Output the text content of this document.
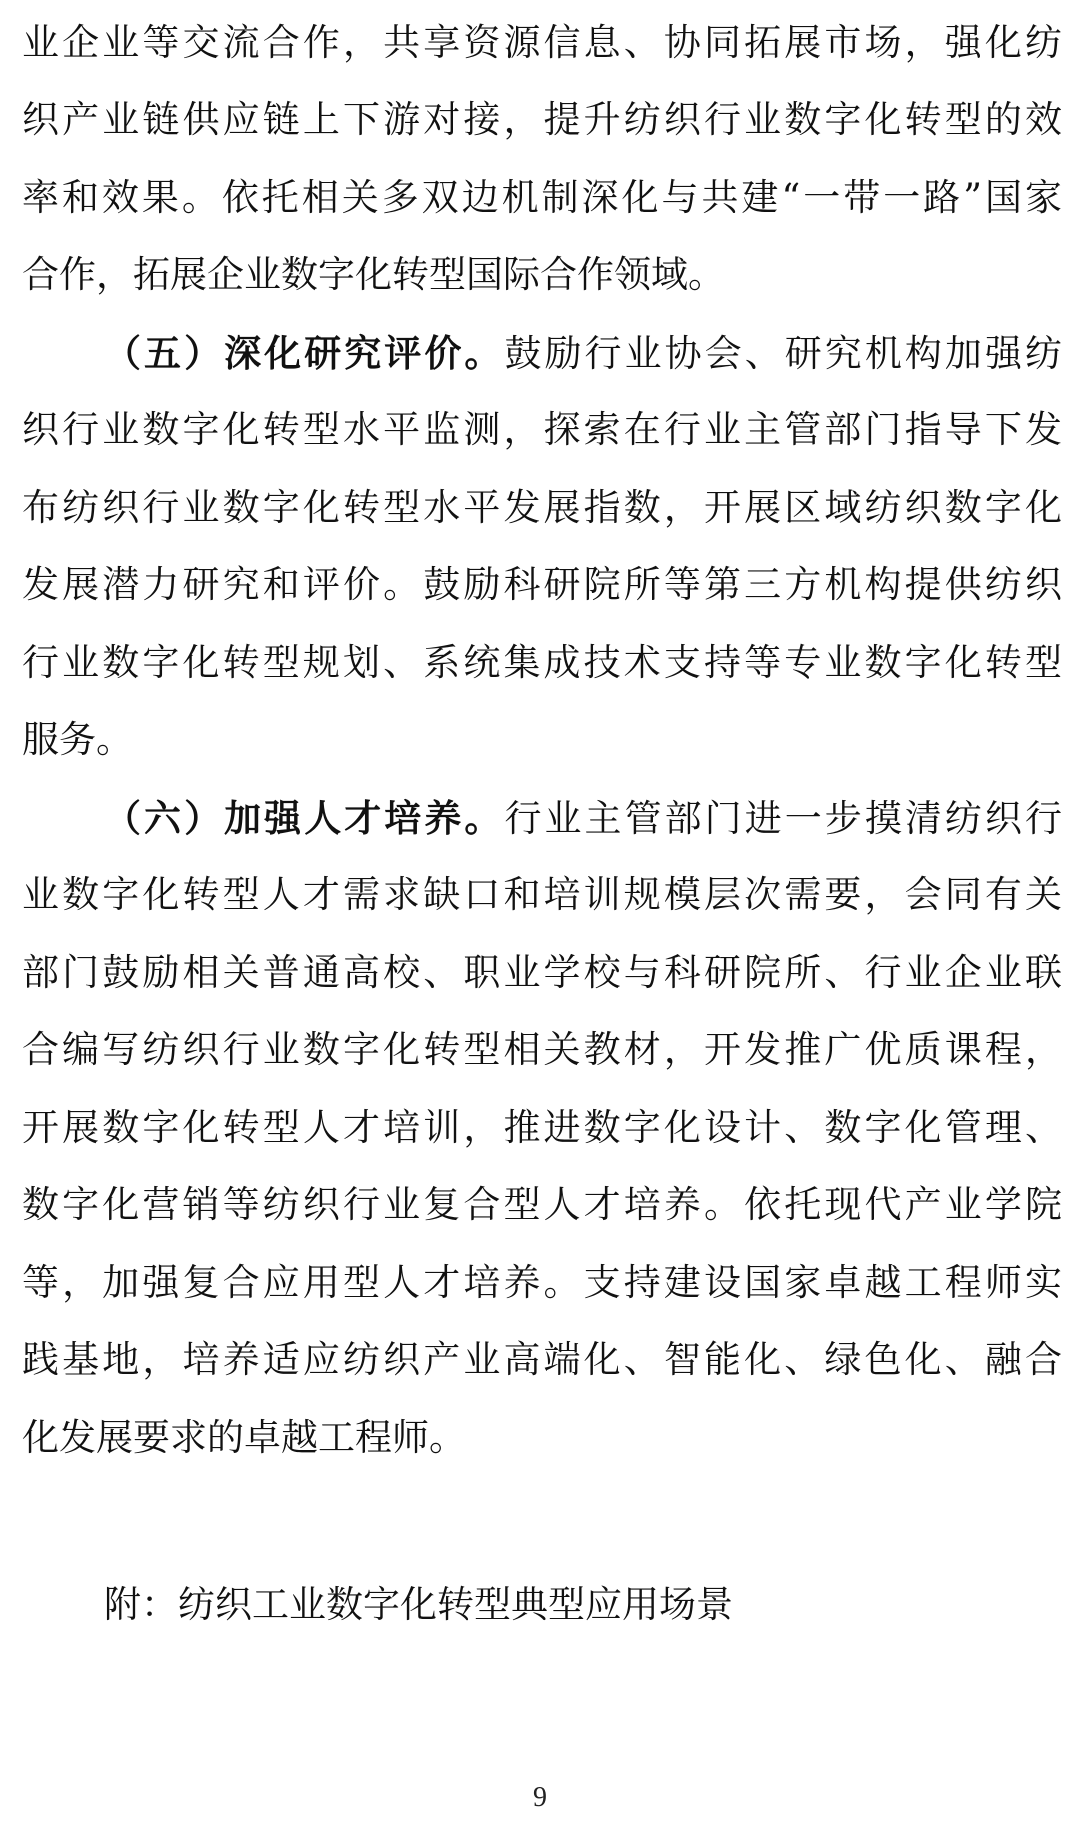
业企业等交流合作，共享资源信息、协同拓展市场，强化纺
织产业链供应链上下游对接，提升纺织行业数字化转型的效
率和效果。依托相关多双边机制深化与共建“一带一路”国家
合作，拓展企业数字化转型国际合作领域。
（五）深化研究评价。鼓励行业协会、研究机构加强纺
织行业数字化转型水平监测，探索在行业主管部门指导下发
布纺织行业数字化转型水平发展指数，开展区域纺织数字化
发展潜力研究和评价。鼓励科研院所等第三方机构提供纺织
行业数字化转型规划、系统集成技术支持等专业数字化转型
服务。
（六）加强人才培养。行业主管部门进一步摸清纺织行
业数字化转型人才需求缺口和培训规模层次需要，会同有关
部门鼓励相关普通高校、职业学校与科研院所、行业企业联
合编写纺织行业数字化转型相关教材，开发推广优质课程，
开展数字化转型人才培训，推进数字化设计、数字化管理、
数字化营销等纺织行业复合型人才培养。依托现代产业学院
等，加强复合应用型人才培养。支持建设国家卓越工程师实
践基地，培养适应纺织产业高端化、智能化、绿色化、融合
化发展要求的卓越工程师。
附：纺织工业数字化转型典型应用场景
9
